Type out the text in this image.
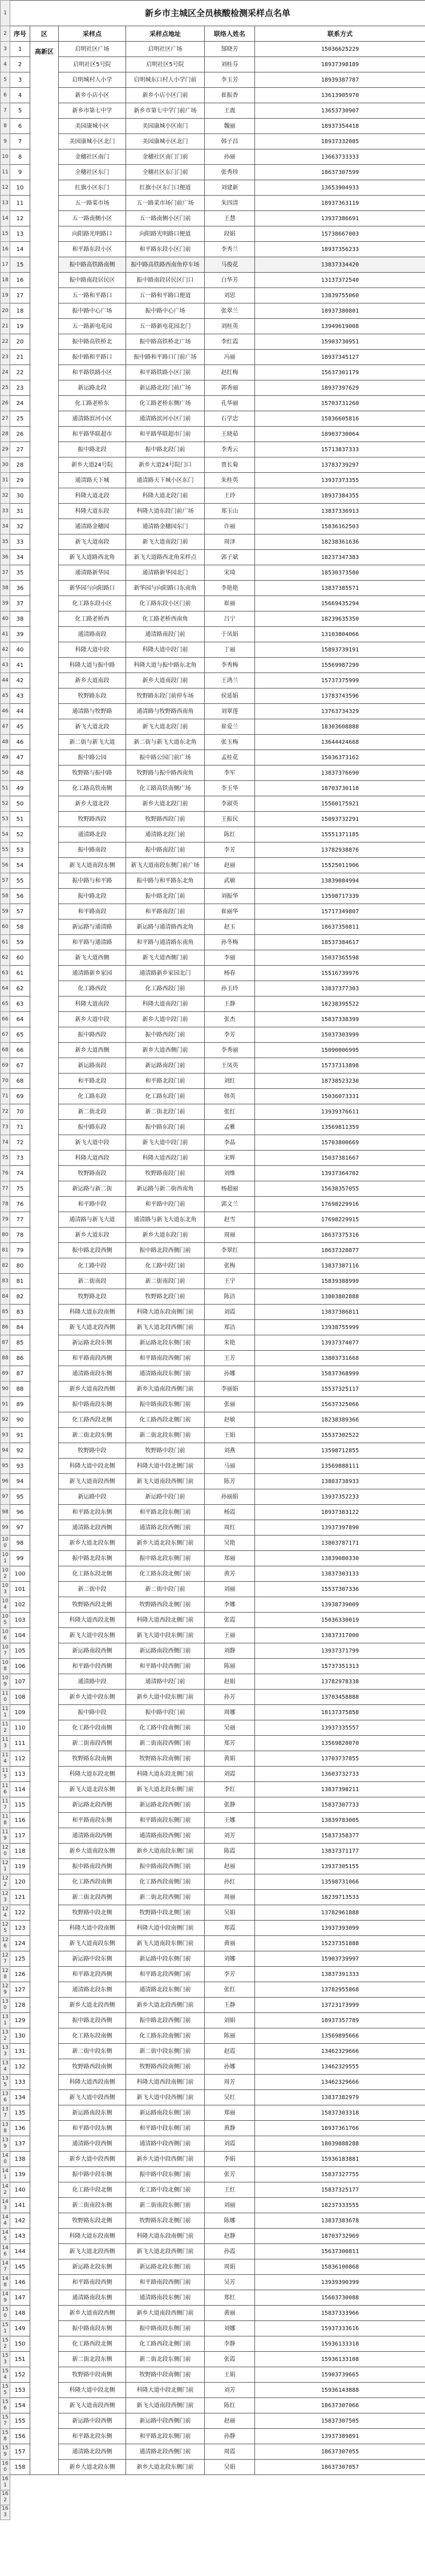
1	新乡市主城区全员核酸检测采样点名单					
2	序号	区	采样点	采样点地址	联络人姓名	联系方式
3	1	高新区	启明社区广场	启明社区广场	郜晓芳	15036625229
4	2		启明社区5号院	启明社区5号院	刘桂芬	18937398189
5	3		启明城村人小学	启明城东口村人小学门前	李玉芳	18939387787
6	4		新乡小店小区	新乡小店小区门前	崔振香	13613905970
7	5		新乡市第七中学	新乡市第七中学门前广场	王震	13653730907
8	6		美园康城小区	美园康城小区南门	魏丽	18937354418
9	7		美园康城小区北门	美园康城小区北门	韩子昌	18937332085
10	8		金穗社区南门	金穗社区南门门前	孙丽	13663733333
11	9		全穗社区东门	全穗社区东门门前	张秀珍	18637307599
12	10		红旗小区东门	红旗小区东门口便道	刘建新	13653904933
13	11		五一路菜市场	五一路菜市场门前广场	朱四清	18937363119
14	12		五一路南侧小区	五一路南侧小区门前	王慧	13937386691
15	13		向阳路光明路口	向阳路光明路口便道	段娟	15738667003
16	14		和平路东段小区	和平路东段小区门前	李秀兰	18937356233
17	15		振中路高铁路南侧	振中路高铁路西南角停车场	马俊花	13837334420
18	16		振中路南段居民区	振中路南段居民区门口	白华芳	13137372540
19	17		五一路和平路口	五一路和平路口便道	刘思	13839755060
20	18		振中路中心广场	振中路中心广场	张翠兰	18937380801
21	19		五一路新电花园	五一路新电花园北门	刘桂英	13949619008
22	20		振中路高铁桥北	振中路高铁桥北广场	李红霞	15903730951
23	21		振中路和平路口	振中路和平路口门前广场	冯丽	18937345127
24	22		和平路铁路小区	和平路铁路小区门前	赵红梅	15637301179
25	23		新运路北段	新运路北段门前广场	郭秀丽	18937397629
26	24		化工路老桥东	化工路老桥东侧广场	孔华丽	15703731260
27	25		通清路滨河小区	通清路滨河小区门前	石学忠	15836605816
28	26		和平路华联超市	和平路华联超市门前	王晓茹	18903730064
29	27		振中路北段	振中路北段门前	李秀云	15713837333
30	28		新乡大道24号院	新乡大道24号院门口	贾长菊	13783739297
31	29		通清路天下城	通清路天下城小区东门	朱桂英	13937373355
32	30		科隆大道北段	科隆大道北段门前	王玲	18937384355
33	31		科隆大道东段	科隆大道东段门前广场	郑玉山	13837336913
34	32		通清路金穗园	通清路金穗园东门	许丽	15836162503
35	33		新飞大道南段	新飞大道南段门前	周泽	18238361636
36	34		新飞大道路西北角	新飞大道路西北角采样点	郭子斌	18237347383
37	35		通清路新华园	通清路新华园北门	宋琦	18530373580
38	36		新华园与向阳路口	新华园与向阳路口东南角	李艳艳	13837385571
39	37		化工路东段小区	化工路东段小区门前	崔丽	15669435294
40	38		化工路老桥西	化工路老桥西南角	吕宁	18239635350
41	39		通清路南段	通清路南段门前	于凤娟	13103804066
42	40		科隆大道中段	科隆大道中段门前	丁丽	15893739191
43	41		科隆大道与振中路	科隆大道与振中路东北角	李秀梅	15569987299
44	42		新乡大道南段	新乡大道南段门前	王鸿兰	15737375999
45	43		牧野路东段	牧野路东段门前停车场	侯延娟	13783743596
46	44		通清路与牧野路	通清路与牧野路西南角	刘翠莲	13763734329
47	45		新飞大道北段	新飞大道北段门前	崔爱兰	18303608888
48	46		新二街与新飞大道	新二街与新飞大道东北角	张玉梅	13644424668
49	47		振中路公园	振中路公园门前广场	孟桂花	15036373162
50	48		牧野路与振中路	牧野路与振中路西南角	李军	13837376690
51	49		化工路高铁南侧	化工路高铁南侧广场	李玉华	18703730118
52	50		新乡大道北段	新乡大道北段门前	李淑英	15560175921
53	51		牧野路西段	牧野路西段门前	王振民	15093732291
54	52		通清路北段	通清路北段门前	陈红	15551371185
55	53		振中路南段	振中路南段门前	李芳	13782938876
56	54		新飞大道南段东侧	新飞大道南段东侧门前广场	赵丽	15525011906
57	55		振中路与和平路	振中路与和平路东北角	武敏	13839084994
58	56		振中路北段	振中路北段门前	刘振华	13598717339
59	57		和平路南段	和平路南段门前	崔丽华	15717349807
60	58		新运路与通清路	新运路与通清路西北角	赵玉	18637350811
61	59		和平路与通清路	和平路与通清路东南角	孙冬梅	18537384617
62	60		新飞大道西侧	新飞大道西侧门前	李丽	15037365598
63	61		通清路新乡家园	通清路新乡家园北门	杨春	15516739976
64	62		化工路西段	化工路西段门前	孙玉玲	13837377303
65	63		科隆大道南段	科隆大道南段门前	王静	18238395522
66	64		新乡大道中段	新乡大道中段门前	张杰	15837338399
67	65		振中路西段	振中路西段门前	李芳	15037303999
68	66		新乡大道西侧	新乡大道西侧门前	李秀丽	15090006995
69	67		新运路南段	新运路南段门前	王凤英	15737313898
70	68		和平路北段	和平路北段门前	刘红	18738523230
71	69		化工路东段	化工路东段门前	韩英	15036073331
72	70		新二街北段	新二街北段门前	张红	13939376611
73	71		振中路东段	振中路东段门前	孟雅	13569811359
74	72		新飞大道中段	新飞大道中段门前	李晶	15703800669
75	73		科隆大道西段	科隆大道西段门前	宋辉	15037381667
76	74		牧野路南段	牧野路南段门前	刘维	13937364702
77	75		新运路与新二街	新运路与新二街西南角	杨超丽	15638357055
78	76		和平路中段	和平路中段门前	郭文兰	17698229916
79	77		通清路与新飞大道	通清路与新飞大道东北角	赵雪	17698229915
80	78		新乡大道东段	新乡大道东段门前	周丽	18637375316
81	79		振中路北段西侧	振中路北段西侧门前	李翠红	18637328877
82	80		化工路中段	化工路中段门前	张梅	13837387116
83	81		新二街南段	新二街南段门前	王宇	15839388999
84	82		牧野路北段	牧野路北段门前	陈洁	13803802888
85	83		科隆大道东段南侧	科隆大道东段南侧门前	刘霞	13837386811
86	84		新飞大道北段西侧	新飞大道北段西侧门前	郑洁	13938755999
87	85		新运路北段东侧	新运路北段东侧门前	朱艳	13937374077
88	86		和平路南段西侧	和平路南段西侧门前	王芳	13803731668
89	87		通清路南段东侧	通清路南段东侧门前	孙娜	15837368999
90	88		新乡大道南段西侧	新乡大道南段西侧门前	李丽娟	15537325117
91	89		振中路南段东侧	振中路南段东侧门前	张丽	15637325066
92	90		化工路西段北侧	化工路西段北侧门前	赵敏	18238389366
93	91		新二街北段东侧	新二街北段东侧门前	王娟	15537302522
94	92		牧野路中段	牧野路中段门前	刘燕	13598712855
95	93		科隆大道中段北侧	科隆大道中段北侧门前	马丽	13569888111
96	94		新飞大道南段西侧	新飞大道南段西侧门前	陈芳	13803738933
97	95		新运路中段	新运路中段门前	孙丽娟	13937352233
98	96		和平路北段东侧	和平路北段东侧门前	杨霞	18937383122
99	97		通清路北段西侧	通清路北段西侧门前	周红	13937397890
100	98		新乡大道北段东侧	新乡大道北段东侧门前	吴艳	13803787171
101	99		振中路北段东侧	振中路北段东侧门前	郑丽	13839080330
102	100		化工路东段北侧	化工路东段北侧门前	黄芳	13837303133
103	101		新二街中段	新二街中段门前	刘丽	15537307336
104	102		牧野路西段北侧	牧野路西段北侧门前	李娜	13938739009
105	103		科隆大道西段北侧	科隆大道西段北侧门前	张霞	15036330019
106	104		新飞大道中段东侧	新飞大道中段东侧门前	王丽	13837317000
107	105		新运路南段西侧	新运路南段西侧门前	刘静	13937371799
108	106		和平路中段西侧	和平路中段西侧门前	陈丽	15737351313
109	107		通清路中段	通清路中段门前	赵娟	13782978338
110	108		新乡大道中段东侧	新乡大道中段东侧门前	孙芳	13703458888
111	109		振中路中段	振中路中段门前	周娜	18137375858
112	110		化工路中段南侧	化工路中段南侧门前	吴丽	13937335557
113	111		新二街南段西侧	新二街南段西侧门前	郑芳	13569820070
114	112		牧野路东段南侧	牧野路东段南侧门前	黄娟	13703737855
115	113		科隆大道东段北侧	科隆大道东段北侧门前	刘霞	13603732733
116	114		新飞大道北段东侧	新飞大道北段东侧门前	李红	13837398211
117	115		新运路北段西侧	新运路北段西侧门前	张静	15837307733
118	116		和平路南段东侧	和平路南段东侧门前	王娜	13839783005
119	117		通清路南段西侧	通清路南段西侧门前	刘芳	15837358377
120	118		新乡大道南段东侧	新乡大道南段东侧门前	陈霞	13837371177
121	119		振中路南段西侧	振中路南段西侧门前	赵丽	13937305155
122	120		化工路西段南侧	化工路西段南侧门前	孙红	13598731066
123	121		新二街北段西侧	新二街北段西侧门前	周丽	18239713533
124	122		牧野路中段北侧	牧野路中段北侧门前	吴娟	13782961888
125	123		科隆大道中段南侧	科隆大道中段南侧门前	郑霞	13937393099
126	124		新飞大道南段东侧	新飞大道南段东侧门前	黄丽	15237351888
127	125		新运路中段东侧	新运路中段东侧门前	刘娜	15903739997
128	126		和平路北段西侧	和平路北段西侧门前	李芳	13837391333
129	127		通清路北段东侧	通清路北段东侧门前	张红	13782955868
130	128		新乡大道北段西侧	新乡大道北段西侧门前	王静	13723173999
131	129		振中路北段西侧	振中路北段西侧门前	刘娟	18937357789
132	130		化工路东段南侧	化工路东段南侧门前	陈丽	13569895666
133	131		新二街中段东侧	新二街中段东侧门前	赵霞	13462329666
134	132		牧野路西段南侧	牧野路西段南侧门前	孙娜	13462329555
135	133		科隆大道西段南侧	科隆大道西段南侧门前	周芳	13462329666
136	134		新飞大道中段西侧	新飞大道中段西侧门前	吴红	13837382979
137	135		新运路南段东侧	新运路南段东侧门前	郑丽	15837303318
138	136		和平路中段东侧	和平路中段东侧门前	黄静	18937361766
139	137		通清路中段西侧	通清路中段西侧门前	刘霞	18039888288
140	138		新乡大道中段西侧	新乡大道中段西侧门前	李娟	15936183881
141	139		振中路中段东侧	振中路中段东侧门前	张芳	15837327755
142	140		化工路中段北侧	化工路中段北侧门前	王红	15837325177
143	141		新二街南段东侧	新二街南段东侧门前	刘丽	18237333555
144	142		牧野路东段北侧	牧野路东段北侧门前	陈娜	13837383678
145	143		科隆大道东段南侧	科隆大道东段南侧门前	赵静	18703732969
146	144		新飞大道北段西侧	新飞大道北段西侧门前	孙霞	15637300811
147	145		新运路北段东侧	新运路北段东侧门前	周娟	15836100868
148	146		和平路南段西侧	和平路南段西侧门前	吴芳	13939390399
149	147		通清路南段东侧	通清路南段东侧门前	郑红	15603730088
150	148		新乡大道南段西侧	新乡大道南段西侧门前	黄丽	15837333966
151	149		振中路南段东侧	振中路南段东侧门前	刘娜	15937333616
152	150		化工路西段北侧	化工路西段北侧门前	李静	15936133318
153	151		新二街北段东侧	新二街北段东侧门前	张霞	15936133108
154	152		牧野路中段南侧	牧野路中段南侧门前	王娟	15903739665
155	153		科隆大道中段北侧	科隆大道中段北侧门前	刘芳	15936143888
156	154		新飞大道南段西侧	新飞大道南段西侧门前	陈红	18637307066
157	155		新运路中段西侧	新运路中段西侧门前	赵丽	15837307505
158	156		和平路北段东侧	和平路北段东侧门前	孙静	13937389891
159	157		通清路北段西侧	通清路北段西侧门前	周霞	18637307055
160	158		新乡大道北段东侧	新乡大道北段东侧门前	吴娟	18637307057
161						
162						
163						
